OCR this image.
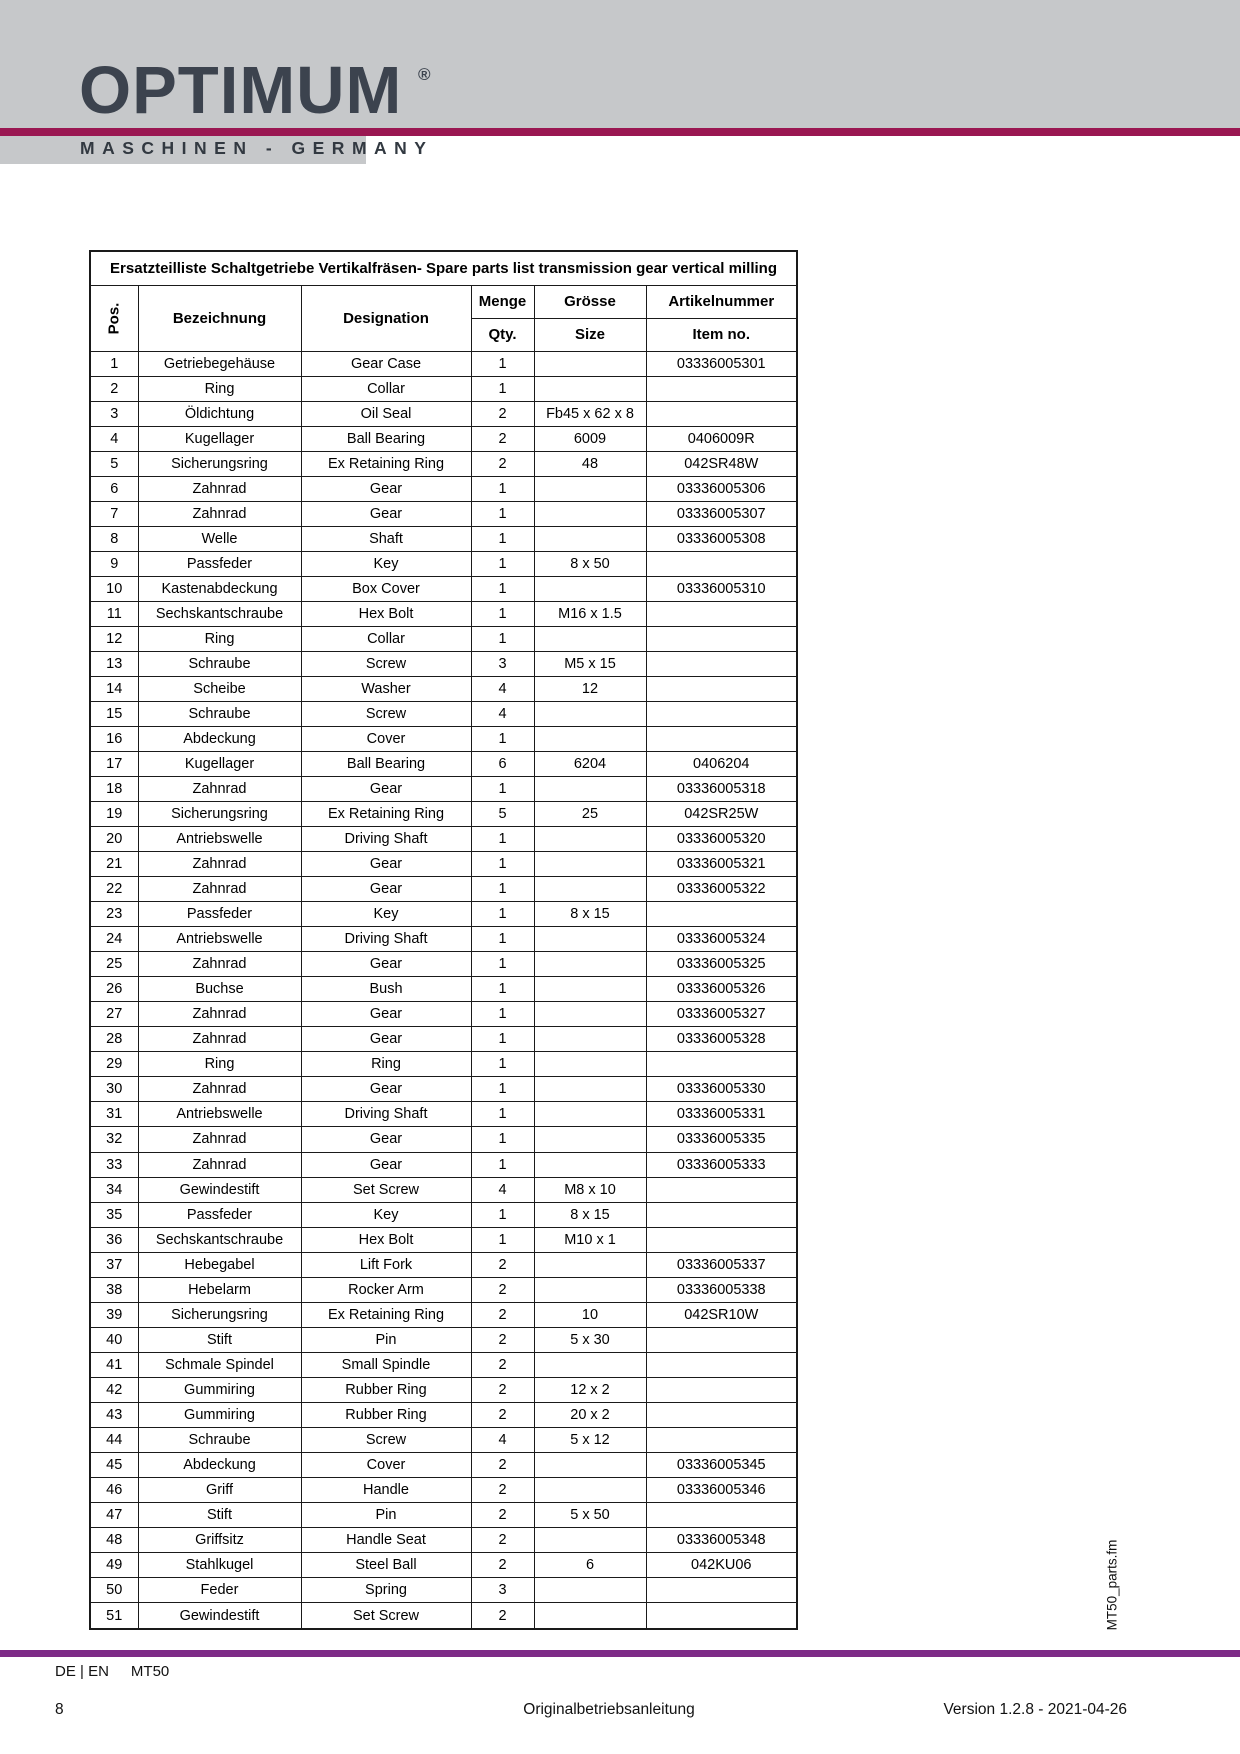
OPTIMUM ®
MASCHINEN - GERMANY
Ersatzteilliste Schaltgetriebe Vertikalfräsen- Spare parts list transmission gear vertical milling					
Pos.	Bezeichnung	Designation	Menge	Grösse	Artikelnummer
			Qty.	Size	Item no.
1	Getriebegehäuse	Gear Case	1		03336005301
2	Ring	Collar	1		
3	Öldichtung	Oil Seal	2	Fb45 x 62 x 8	
4	Kugellager	Ball Bearing	2	6009	0406009R
5	Sicherungsring	Ex Retaining Ring	2	48	042SR48W
6	Zahnrad	Gear	1		03336005306
7	Zahnrad	Gear	1		03336005307
8	Welle	Shaft	1		03336005308
9	Passfeder	Key	1	8 x 50	
10	Kastenabdeckung	Box Cover	1		03336005310
11	Sechskantschraube	Hex Bolt	1	M16 x 1.5	
12	Ring	Collar	1		
13	Schraube	Screw	3	M5 x 15	
14	Scheibe	Washer	4	12	
15	Schraube	Screw	4		
16	Abdeckung	Cover	1		
17	Kugellager	Ball Bearing	6	6204	0406204
18	Zahnrad	Gear	1		03336005318
19	Sicherungsring	Ex Retaining Ring	5	25	042SR25W
20	Antriebswelle	Driving Shaft	1		03336005320
21	Zahnrad	Gear	1		03336005321
22	Zahnrad	Gear	1		03336005322
23	Passfeder	Key	1	8 x 15	
24	Antriebswelle	Driving Shaft	1		03336005324
25	Zahnrad	Gear	1		03336005325
26	Buchse	Bush	1		03336005326
27	Zahnrad	Gear	1		03336005327
28	Zahnrad	Gear	1		03336005328
29	Ring	Ring	1		
30	Zahnrad	Gear	1		03336005330
31	Antriebswelle	Driving Shaft	1		03336005331
32	Zahnrad	Gear	1		03336005335
33	Zahnrad	Gear	1		03336005333
34	Gewindestift	Set Screw	4	M8 x 10	
35	Passfeder	Key	1	8 x 15	
36	Sechskantschraube	Hex Bolt	1	M10 x 1	
37	Hebegabel	Lift Fork	2		03336005337
38	Hebelarm	Rocker Arm	2		03336005338
39	Sicherungsring	Ex Retaining Ring	2	10	042SR10W
40	Stift	Pin	2	5 x 30	
41	Schmale Spindel	Small Spindle	2		
42	Gummiring	Rubber Ring	2	12 x 2	
43	Gummiring	Rubber Ring	2	20 x 2	
44	Schraube	Screw	4	5 x 12	
45	Abdeckung	Cover	2		03336005345
46	Griff	Handle	2		03336005346
47	Stift	Pin	2	5 x 50	
48	Griffsitz	Handle Seat	2		03336005348
49	Stahlkugel	Steel Ball	2	6	042KU06
50	Feder	Spring	3		
51	Gewindestift	Set Screw	2			MT50_parts.fm
DE | EN MT50
8	Originalbetriebsanleitung	Version 1.2.8 - 2021-04-26
